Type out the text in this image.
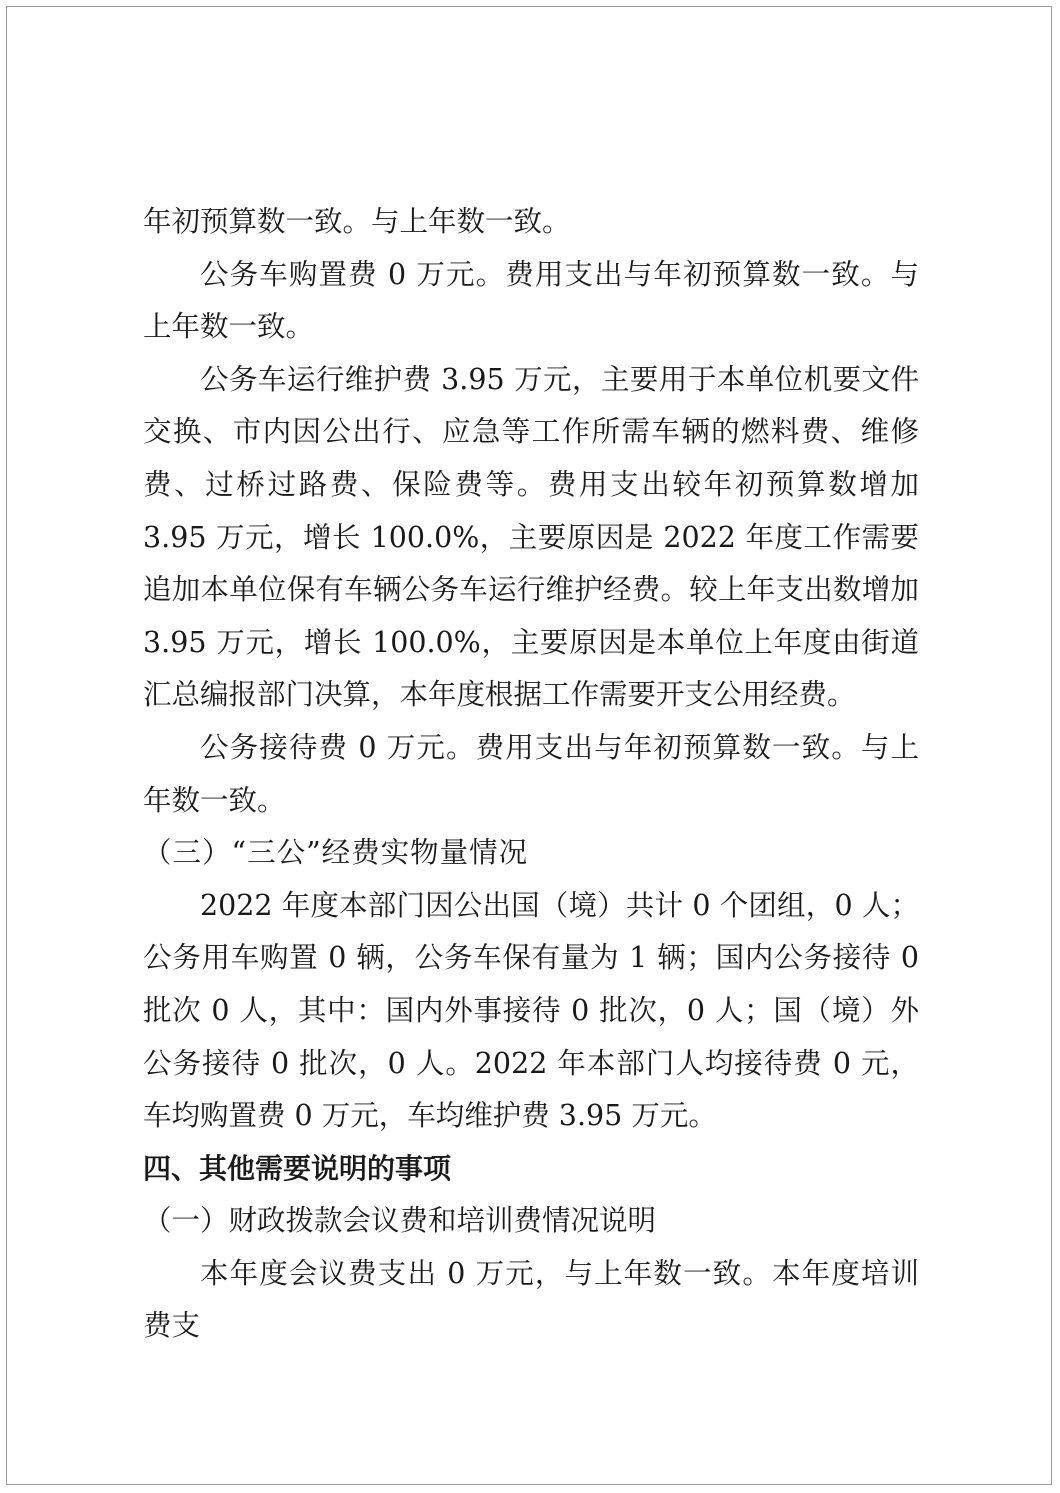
年初预算数一致。与上年数一致。

公务车购置费 0 万元。费用支出与年初预算数一致。与上年数一致。

公务车运行维护费 3.95 万元，主要用于本单位机要文件交换、市内因公出行、应急等工作所需车辆的燃料费、维修费、过桥过路费、保险费等。费用支出较年初预算数增加 3.95 万元，增长 100.0%，主要原因是 2022 年度工作需要追加本单位保有车辆公务车运行维护经费。较上年支出数增加 3.95 万元，增长 100.0%，主要原因是本单位上年度由街道汇总编报部门决算，本年度根据工作需要开支公用经费。

公务接待费 0 万元。费用支出与年初预算数一致。与上年数一致。

（三）“三公”经费实物量情况

2022 年度本部门因公出国（境）共计 0 个团组，0 人；公务用车购置 0 辆，公务车保有量为 1 辆；国内公务接待 0 批次 0 人，其中：国内外事接待 0 批次，0 人；国（境）外公务接待 0 批次，0 人。2022 年本部门人均接待费 0 元，车均购置费 0 万元，车均维护费 3.95 万元。

四、其他需要说明的事项

（一）财政拨款会议费和培训费情况说明

本年度会议费支出 0 万元，与上年数一致。本年度培训费支
